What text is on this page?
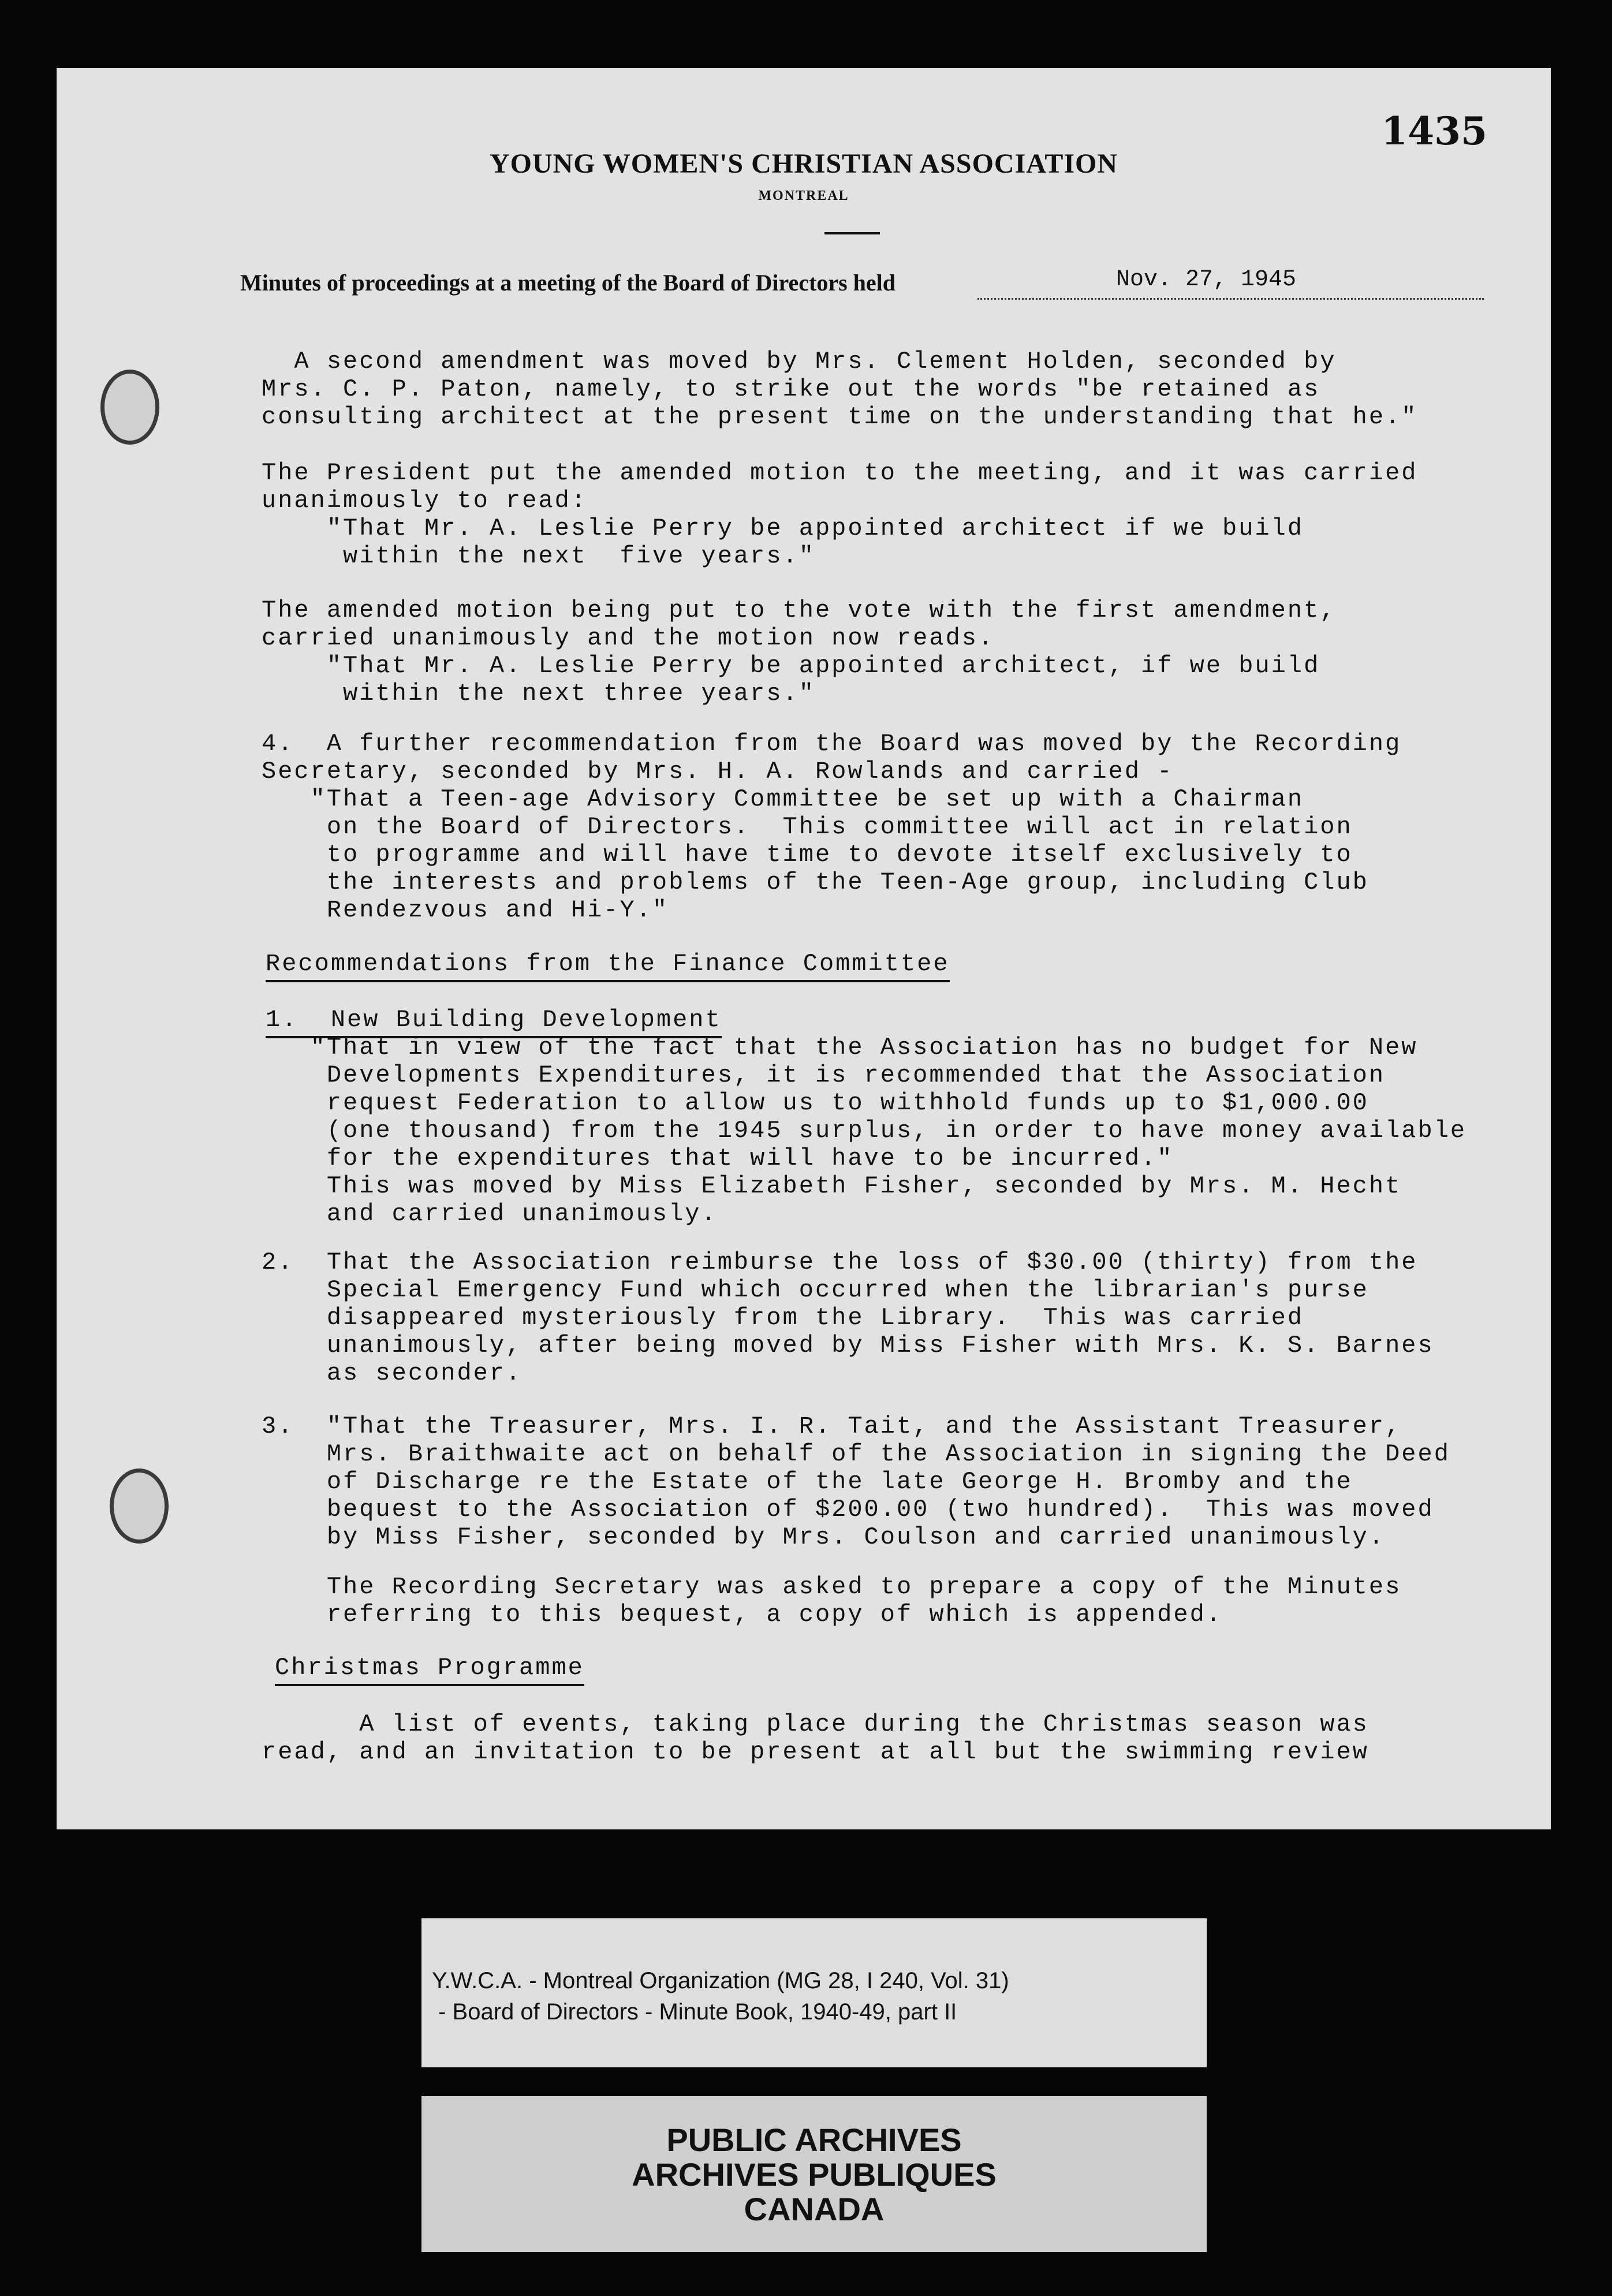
1435
YOUNG WOMEN'S CHRISTIAN ASSOCIATION
MONTREAL
Minutes of proceedings at a meeting of the Board of Directors held	Nov. 27, 1945
A second amendment was moved by Mrs. Clement Holden, seconded by
Mrs. C. P. Paton, namely, to strike out the words "be retained as
consulting architect at the present time on the understanding that he."
The President put the amended motion to the meeting, and it was carried
unanimously to read:
"That Mr. A. Leslie Perry be appointed architect if we build
within the next  five years."
The amended motion being put to the vote with the first amendment,
carried unanimously and the motion now reads.
"That Mr. A. Leslie Perry be appointed architect, if we build
within the next three years."
4.  A further recommendation from the Board was moved by the Recording
Secretary, seconded by Mrs. H. A. Rowlands and carried -
"That a Teen-age Advisory Committee be set up with a Chairman
on the Board of Directors.  This committee will act in relation
to programme and will have time to devote itself exclusively to
the interests and problems of the Teen-Age group, including Club
Rendezvous and Hi-Y."
Recommendations from the Finance Committee
1.  New Building Development
"That in view of the fact that the Association has no budget for New
Developments Expenditures, it is recommended that the Association
request Federation to allow us to withhold funds up to $1,000.00
(one thousand) from the 1945 surplus, in order to have money available
for the expenditures that will have to be incurred."
This was moved by Miss Elizabeth Fisher, seconded by Mrs. M. Hecht
and carried unanimously.
2.  That the Association reimburse the loss of $30.00 (thirty) from the
Special Emergency Fund which occurred when the librarian's purse
disappeared mysteriously from the Library.  This was carried
unanimously, after being moved by Miss Fisher with Mrs. K. S. Barnes
as seconder.
3.  "That the Treasurer, Mrs. I. R. Tait, and the Assistant Treasurer,
Mrs. Braithwaite act on behalf of the Association in signing the Deed
of Discharge re the Estate of the late George H. Bromby and the
bequest to the Association of $200.00 (two hundred).  This was moved
by Miss Fisher, seconded by Mrs. Coulson and carried unanimously.
The Recording Secretary was asked to prepare a copy of the Minutes
referring to this bequest, a copy of which is appended.
Christmas Programme
A list of events, taking place during the Christmas season was
read, and an invitation to be present at all but the swimming review
Y.W.C.A. - Montreal Organization (MG 28, I 240, Vol. 31)
- Board of Directors - Minute Book, 1940-49, part II
PUBLIC ARCHIVES
ARCHIVES PUBLIQUES
CANADA
